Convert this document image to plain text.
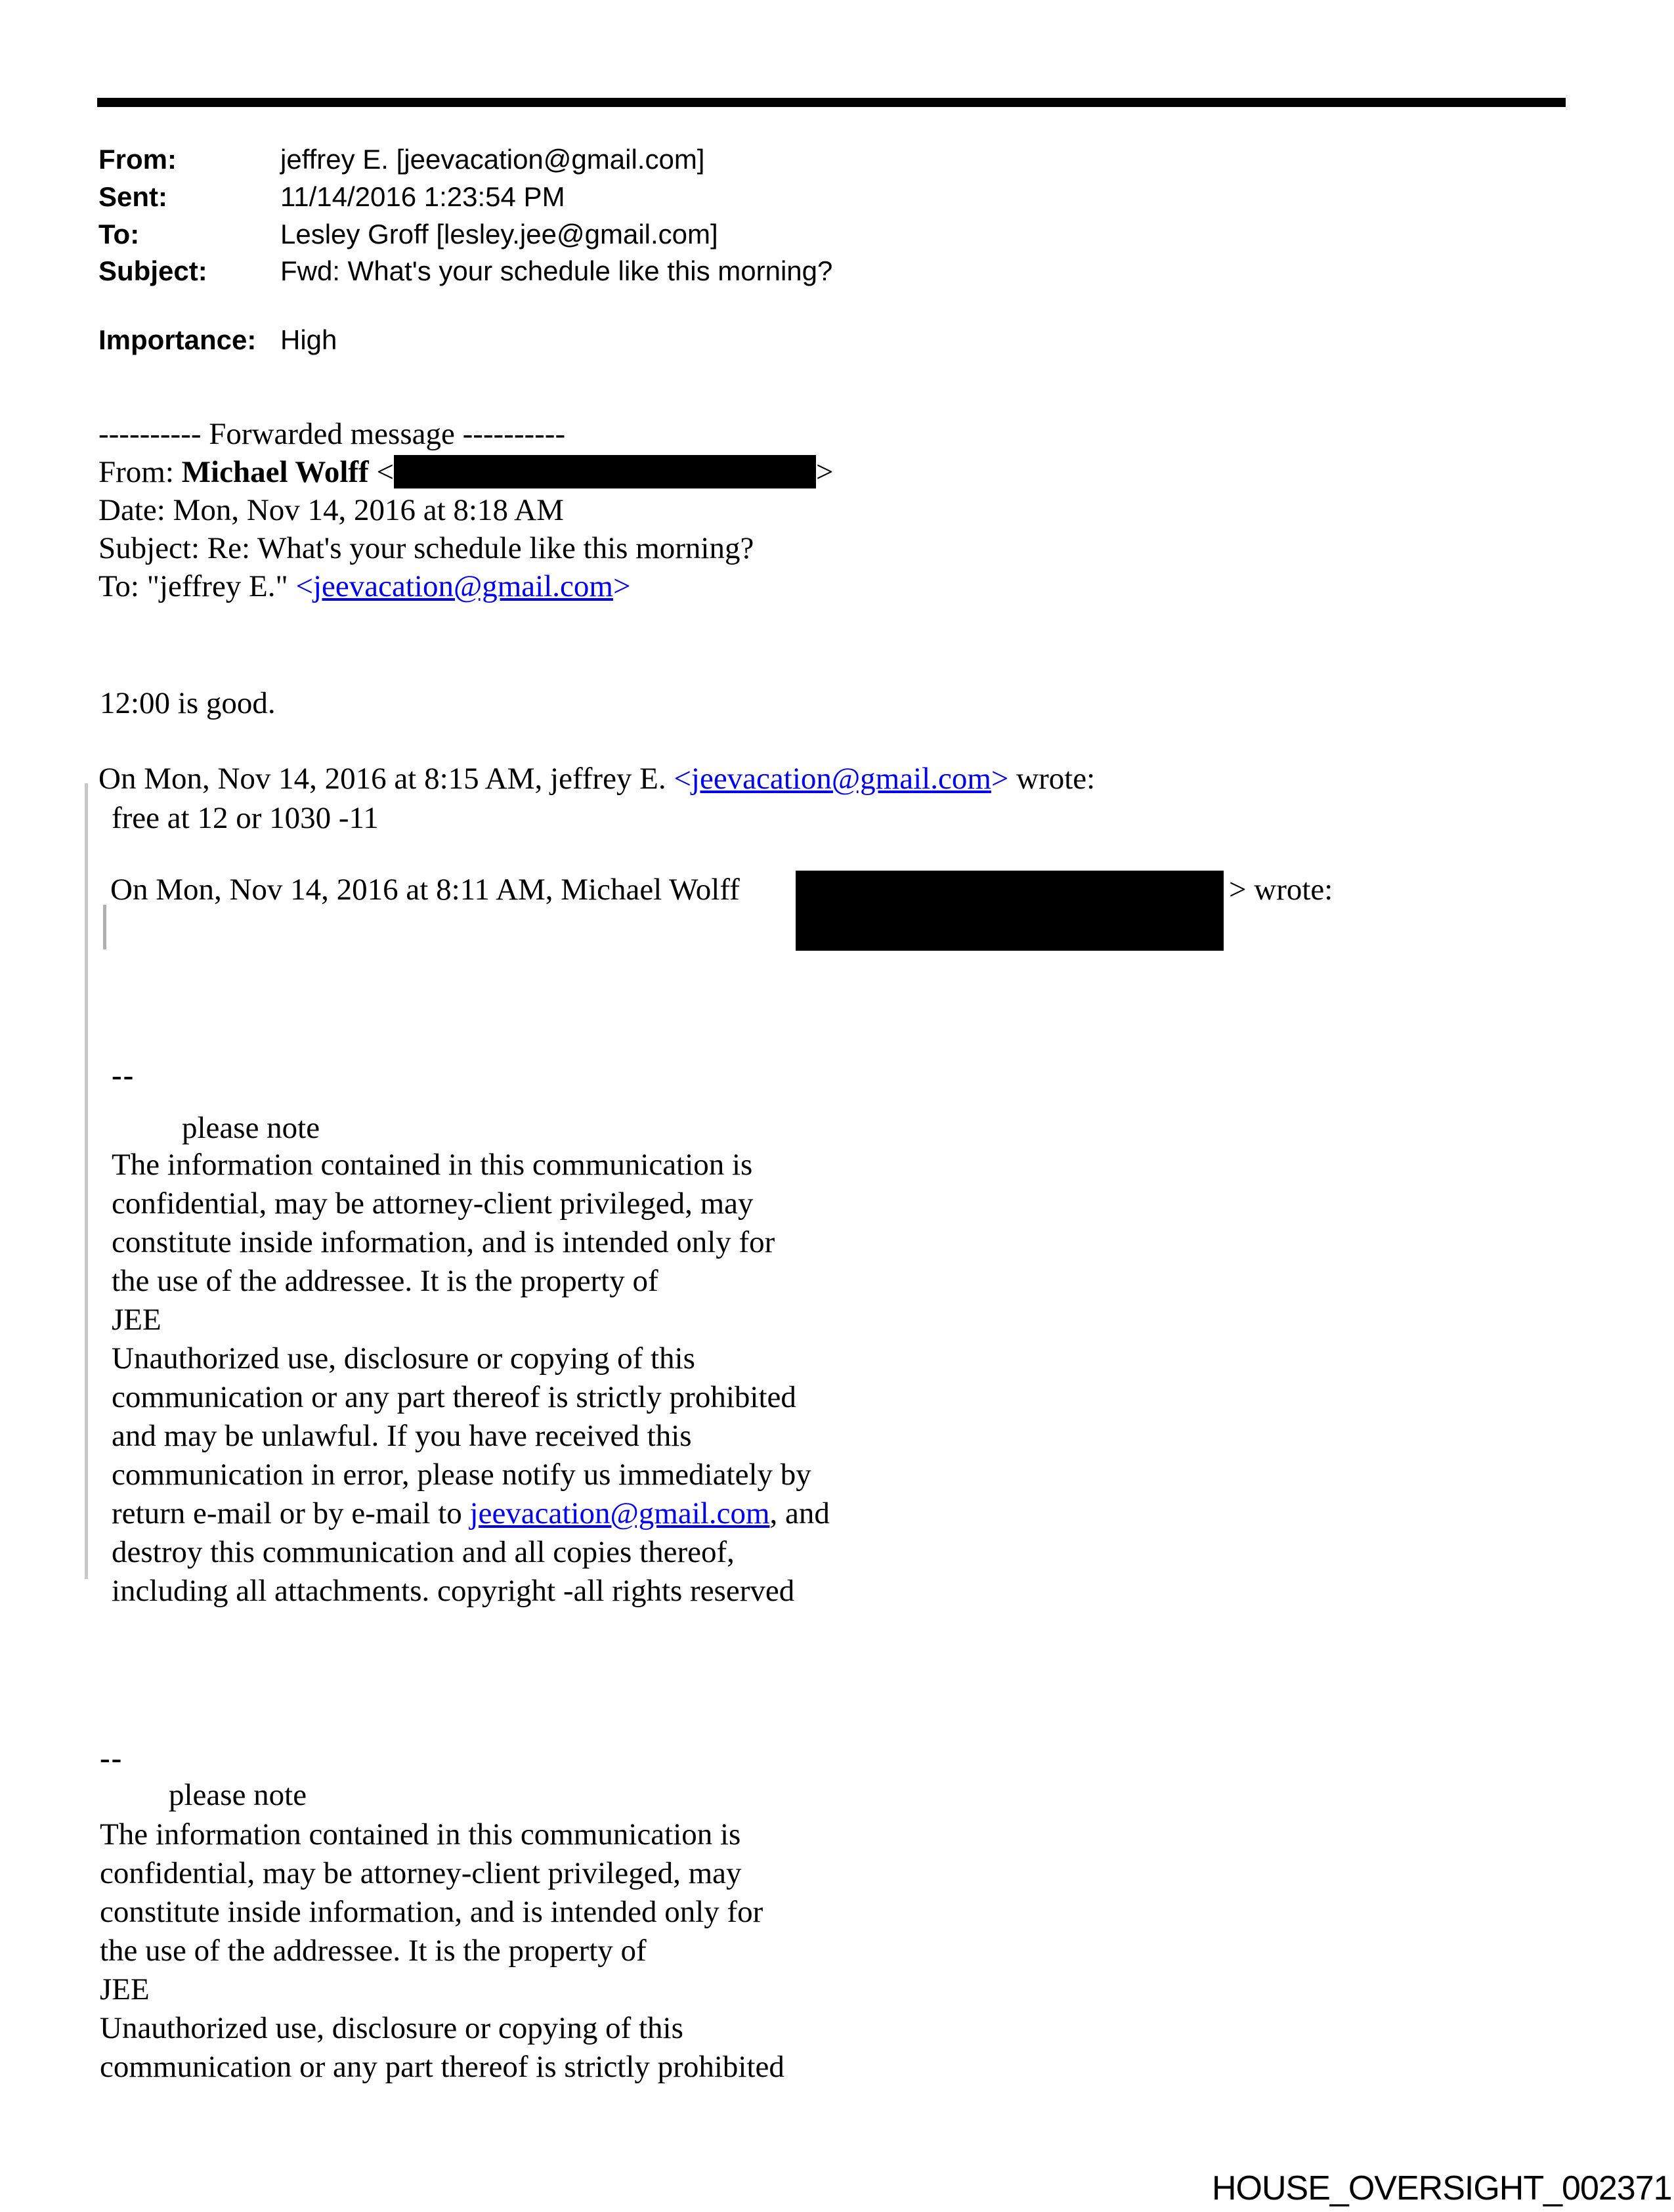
From:	jeffrey E. [jeevacation@gmail.com]
Sent:	11/14/2016 1:23:54 PM
To:	Lesley Groff [lesley.jee@gmail.com]
Subject:	Fwd: What's your schedule like this morning?
Importance: High
---------- Forwarded message ----------
From: Michael Wolff <	>
Date: Mon, Nov 14, 2016 at 8:18 AM
Subject: Re: What's your schedule like this morning?
To: "jeffrey E." <jeevacation@gmail.com>
12:00 is good.
On Mon, Nov 14, 2016 at 8:15 AM, jeffrey E. <jeevacation@gmail.com> wrote:
free at 12 or 1030 -11
On Mon, Nov 14, 2016 at 8:11 AM, Michael Wolff	> wrote:
--
please note
The information contained in this communication is
confidential, may be attorney-client privileged, may
constitute inside information, and is intended only for
the use of the addressee. It is the property of
JEE
Unauthorized use, disclosure or copying of this
communication or any part thereof is strictly prohibited
and may be unlawful. If you have received this
communication in error, please notify us immediately by
return e-mail or by e-mail to jeevacation@gmail.com, and
destroy this communication and all copies thereof,
including all attachments. copyright -all rights reserved
--
please note
The information contained in this communication is
confidential, may be attorney-client privileged, may
constitute inside information, and is intended only for
the use of the addressee. It is the property of
JEE
Unauthorized use, disclosure or copying of this
communication or any part thereof is strictly prohibited
HOUSE_OVERSIGHT_002371
